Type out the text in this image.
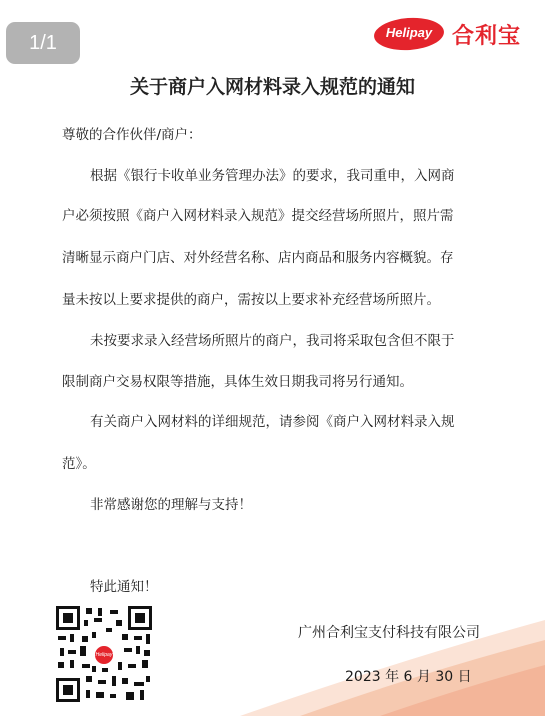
1/1	Helipay 合利宝
关于商户入网材料录入规范的通知
尊敬的合作伙伴/商户：
根据《银行卡收单业务管理办法》的要求，我司重申，入网商
户必须按照《商户入网材料录入规范》提交经营场所照片，照片需
清晰显示商户门店、对外经营名称、店内商品和服务内容概貌。存
量未按以上要求提供的商户，需按以上要求补充经营场所照片。
未按要求录入经营场所照片的商户，我司将采取包含但不限于
限制商户交易权限等措施，具体生效日期我司将另行通知。
有关商户入网材料的详细规范，请参阅《商户入网材料录入规
范》。
非常感谢您的理解与支持！
特此通知！
Helipay
广州合利宝支付科技有限公司
2023 年 6 月 30 日
